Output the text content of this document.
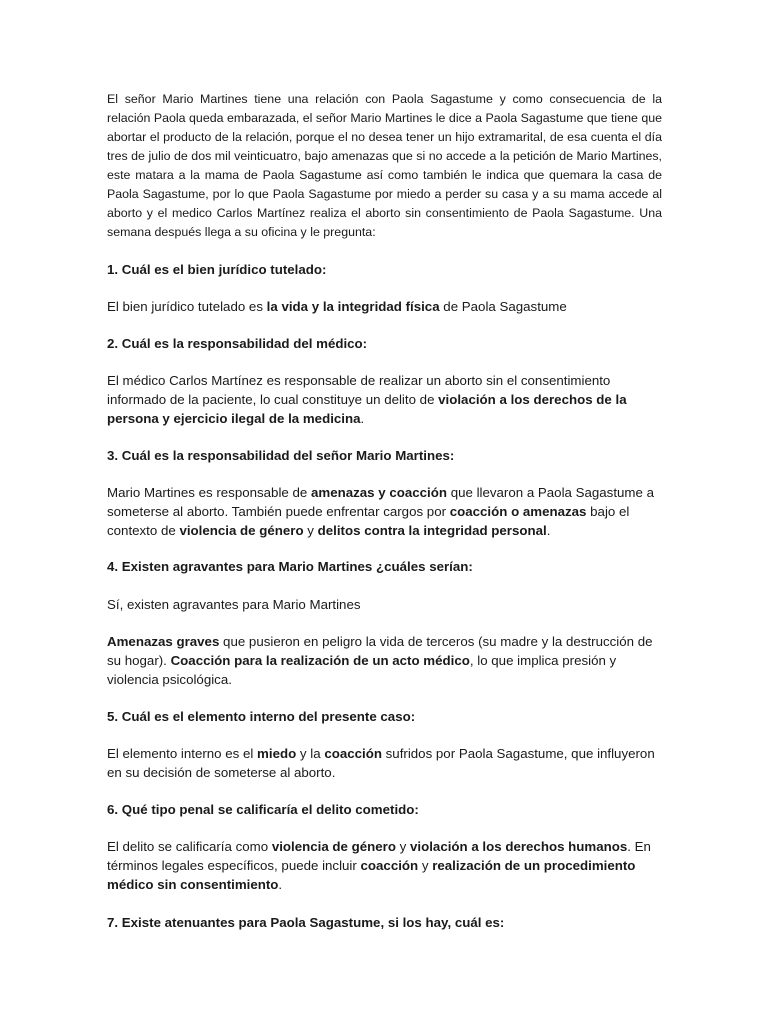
El señor Mario Martines tiene una relación con Paola Sagastume y como consecuencia de la relación Paola queda embarazada, el señor Mario Martines le dice a Paola Sagastume que tiene que abortar el producto de la relación, porque el no desea tener un hijo extramarital, de esa cuenta el día tres de julio de dos mil veinticuatro, bajo amenazas que si no accede a la petición de Mario Martines, este matara a la mama de Paola Sagastume así como también le indica que quemara la casa de Paola Sagastume, por lo que Paola Sagastume por miedo a perder su casa y a su mama accede al aborto y el medico Carlos Martínez realiza el aborto sin consentimiento de Paola Sagastume. Una semana después llega a su oficina y le pregunta:

1. Cuál es el bien jurídico tutelado:

El bien jurídico tutelado es la vida y la integridad física de Paola Sagastume

2. Cuál es la responsabilidad del médico:

El médico Carlos Martínez es responsable de realizar un aborto sin el consentimiento informado de la paciente, lo cual constituye un delito de violación a los derechos de la persona y ejercicio ilegal de la medicina.

3. Cuál es la responsabilidad del señor Mario Martines:

Mario Martines es responsable de amenazas y coacción que llevaron a Paola Sagastume a someterse al aborto. También puede enfrentar cargos por coacción o amenazas bajo el contexto de violencia de género y delitos contra la integridad personal.

4. Existen agravantes para Mario Martines ¿cuáles serían:

Sí, existen agravantes para Mario Martines

Amenazas graves que pusieron en peligro la vida de terceros (su madre y la destrucción de su hogar). Coacción para la realización de un acto médico, lo que implica presión y violencia psicológica.

5. Cuál es el elemento interno del presente caso:

El elemento interno es el miedo y la coacción sufridos por Paola Sagastume, que influyeron en su decisión de someterse al aborto.

6. Qué tipo penal se calificaría el delito cometido:

El delito se calificaría como violencia de género y violación a los derechos humanos. En términos legales específicos, puede incluir coacción y realización de un procedimiento médico sin consentimiento.

7. Existe atenuantes para Paola Sagastume, si los hay, cuál es:
